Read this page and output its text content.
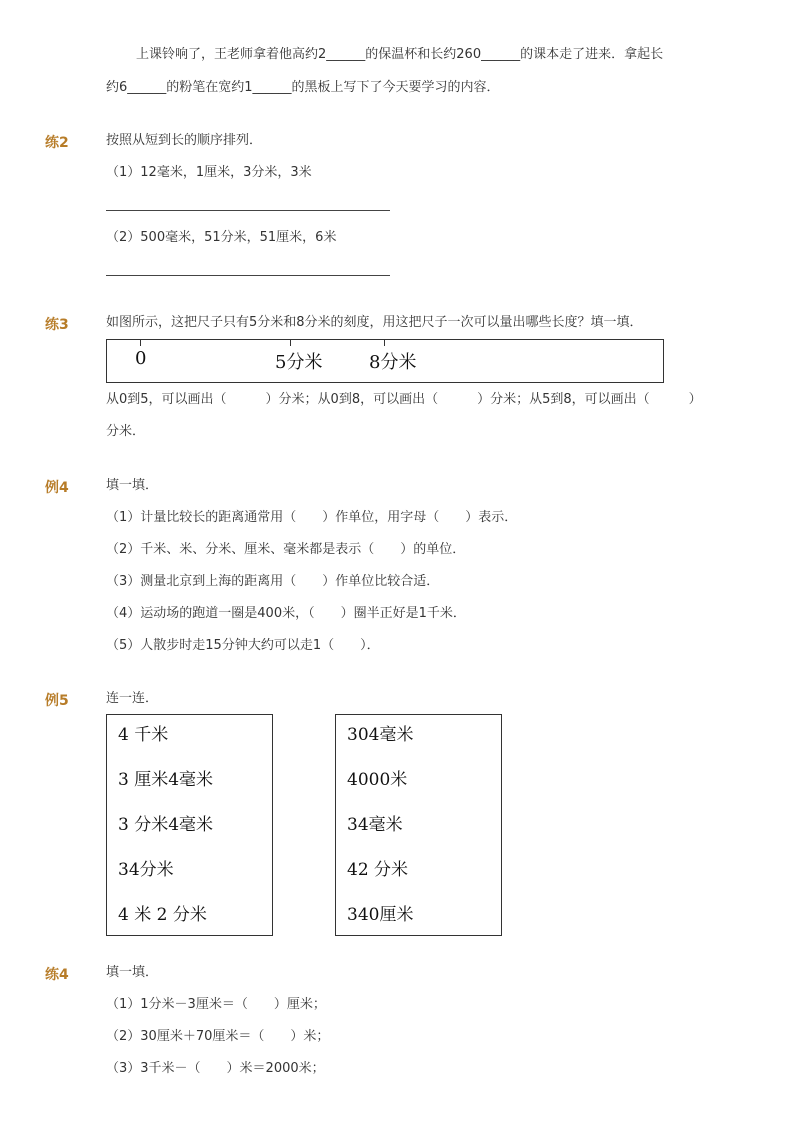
上课铃响了，王老师拿着他高约2______的保温杯和长约260______的课本走了进来．拿起长
约6______的粉笔在宽约1______的黑板上写下了今天要学习的内容．
练2	按照从短到长的顺序排列．
（1）12毫米，1厘米，3分米，3米
（2）500毫米，51分米，51厘米，6米
练3	如图所示，这把尺子只有5分米和8分米的刻度，用这把尺子一次可以量出哪些长度？填一填．
0	5分米	8分米
从0到5，可以画出（　　　）分米；从0到8，可以画出（　　　）分米；从5到8，可以画出（　　　）
分米．
例4	填一填．
（1）计量比较长的距离通常用（　　）作单位，用字母（　　）表示．
（2）千米、米、分米、厘米、毫米都是表示（　　）的单位．
（3）测量北京到上海的距离用（　　）作单位比较合适．
（4）运动场的跑道一圈是400米，（　　）圈半正好是1千米．
（5）人散步时走15分钟大约可以走1（　　）．
例5	连一连．
4 千米
3 厘米4毫米
3 分米4毫米
34分米
4 米 2 分米
304毫米
4000米
34毫米
42 分米
340厘米
练4	填一填．
（1）1分米－3厘米＝（　　）厘米；
（2）30厘米＋70厘米＝（　　）米；
（3）3千米－（　　）米＝2000米；
